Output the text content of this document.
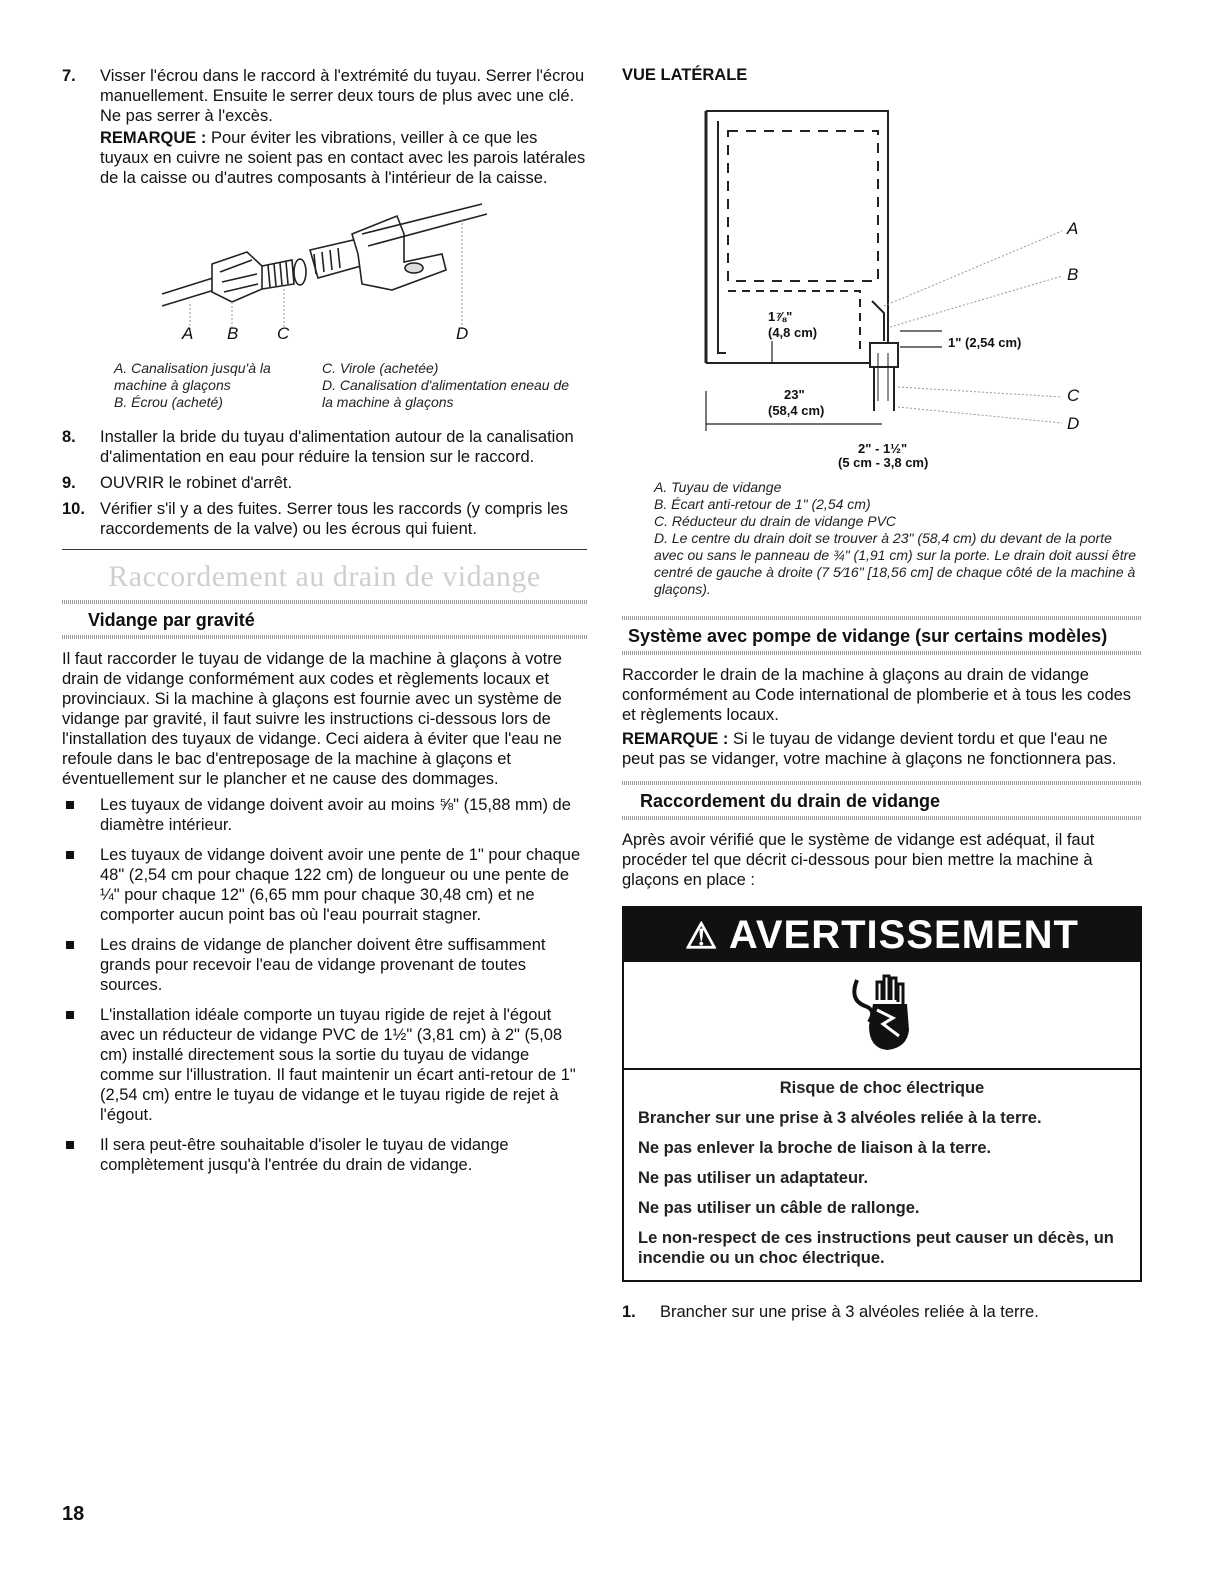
7. Visser l'écrou dans le raccord à l'extrémité du tuyau. Serrer l'écrou manuellement. Ensuite le serrer deux tours de plus avec une clé. Ne pas serrer à l'excès.

REMARQUE : Pour éviter les vibrations, veiller à ce que les tuyaux en cuivre ne soient pas en contact avec les parois latérales de la caisse ou d'autres composants à l'intérieur de la caisse.

A B C	D
A. Canalisation jusqu'à la machine à glaçons
B. Écrou (acheté)
C. Virole (achetée)
D. Canalisation d'alimentation eneau de la machine à glaçons
8. Installer la bride du tuyau d'alimentation autour de la canalisation d'alimentation en eau pour réduire la tension sur le raccord.

9. OUVRIR le robinet d'arrêt.

10. Vérifier s'il y a des fuites. Serrer tous les raccords (y compris les raccordements de la valve) ou les écrous qui fuient.

Raccordement au drain de vidange
Vidange par gravité

Il faut raccorder le tuyau de vidange de la machine à glaçons à votre drain de vidange conformément aux codes et règlements locaux et provinciaux. Si la machine à glaçons est fournie avec un système de vidange par gravité, il faut suivre les instructions ci-dessous lors de l'installation des tuyaux de vidange. Ceci aidera à éviter que l'eau ne refoule dans le bac d'entreposage de la machine à glaçons et éventuellement sur le plancher et ne cause des dommages.

Les tuyaux de vidange doivent avoir au moins ⅝" (15,88 mm) de diamètre intérieur.
Les tuyaux de vidange doivent avoir une pente de 1" pour chaque 48" (2,54 cm pour chaque 122 cm) de longueur ou une pente de ¼" pour chaque 12" (6,65 mm pour chaque 30,48 cm) et ne comporter aucun point bas où l'eau pourrait stagner.
Les drains de vidange de plancher doivent être suffisamment grands pour recevoir l'eau de vidange provenant de toutes sources.
L'installation idéale comporte un tuyau rigide de rejet à l'égout avec un réducteur de vidange PVC de 1½" (3,81 cm) à 2" (5,08 cm) installé directement sous la sortie du tuyau de vidange comme sur l'illustration. Il faut maintenir un écart anti-retour de 1" (2,54 cm) entre le tuyau de vidange et le tuyau rigide de rejet à l'égout.
Il sera peut-être souhaitable d'isoler le tuyau de vidange complètement jusqu'à l'entrée du drain de vidange.
VUE LATÉRALE
A
B
C
D
1⅞"
(4,8 cm)
1" (2,54 cm)
23"
(58,4 cm)
2" - 1½"
(5 cm - 3,8 cm)
A. Tuyau de vidange
B. Écart anti-retour de 1" (2,54 cm)
C. Réducteur du drain de vidange PVC
D. Le centre du drain doit se trouver à 23" (58,4 cm) du devant de la porte avec ou sans le panneau de ¾" (1,91 cm) sur la porte. Le drain doit aussi être centré de gauche à droite (7 5⁄16" [18,56 cm] de chaque côté de la machine à glaçons).
Système avec pompe de vidange (sur certains modèles)

Raccorder le drain de la machine à glaçons au drain de vidange conformément au Code international de plomberie et à tous les codes et règlements locaux.

REMARQUE : Si le tuyau de vidange devient tordu et que l'eau ne peut pas se vidanger, votre machine à glaçons ne fonctionnera pas.

Raccordement du drain de vidange

Après avoir vérifié que le système de vidange est adéquat, il faut procéder tel que décrit ci-dessous pour bien mettre la machine à glaçons en place :

⚠ AVERTISSEMENT
Risque de choc électrique
Brancher sur une prise à 3 alvéoles reliée à la terre.
Ne pas enlever la broche de liaison à la terre.
Ne pas utiliser un adaptateur.
Ne pas utiliser un câble de rallonge.
Le non-respect de ces instructions peut causer un décès, un incendie ou un choc électrique.
1. Brancher sur une prise à 3 alvéoles reliée à la terre.

18
